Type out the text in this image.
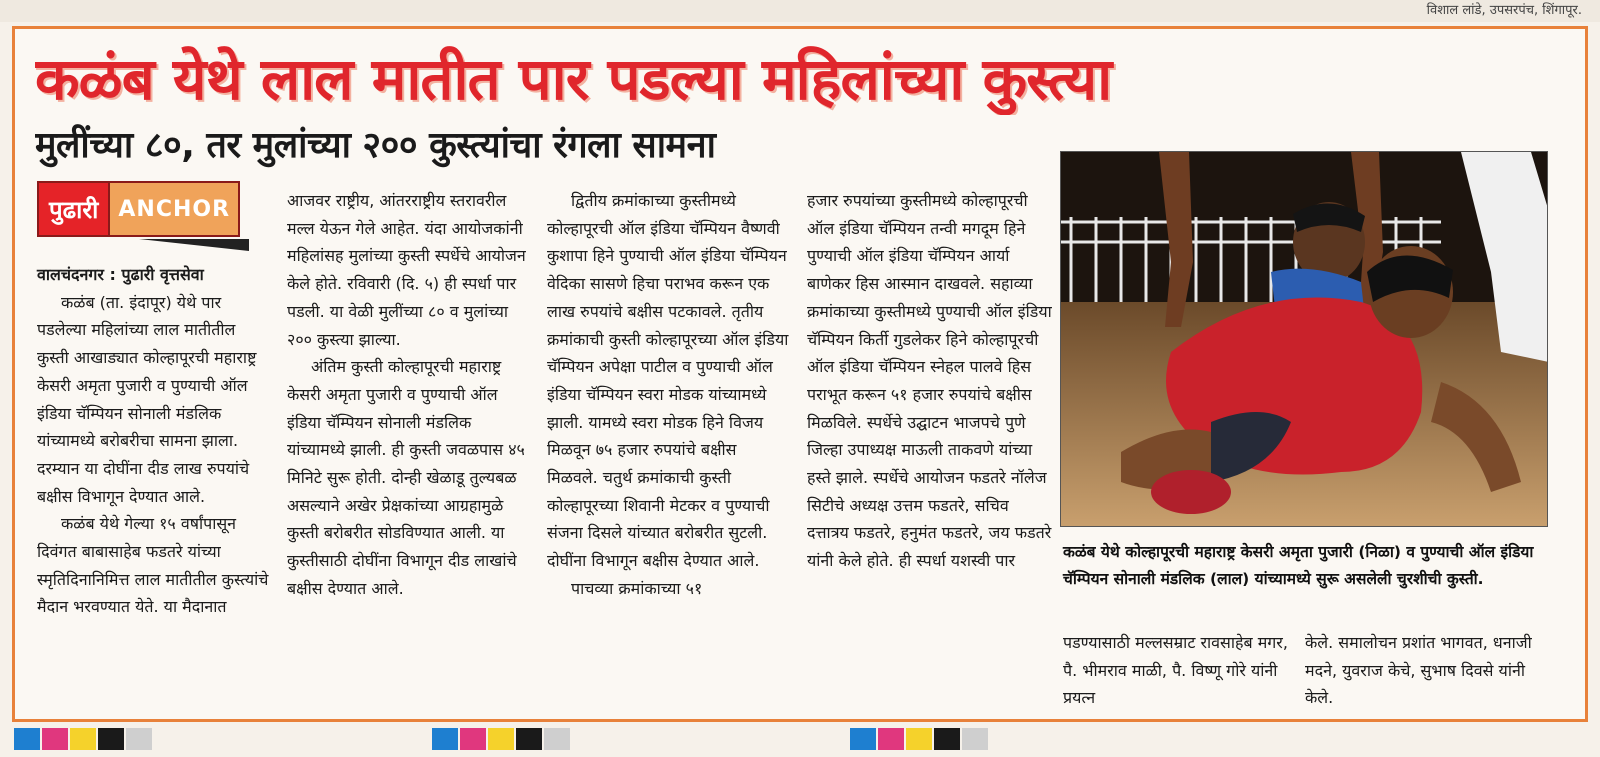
विशाल लांडे, उपसरपंच, शिंगापूर.
कळंब येथे लाल मातीत पार पडल्या महिलांच्या कुस्त्या
मुलींच्या ८०, तर मुलांच्या २०० कुस्त्यांचा रंगला सामना
पुढारी ANCHOR

वालचंदनगर : पुढारी वृत्तसेवा

कळंब (ता. इंदापूर) येथे पार पडलेल्या महिलांच्या लाल मातीतील कुस्ती आखाड्यात कोल्हापूरची महाराष्ट्र केसरी अमृता पुजारी व पुण्याची ऑल इंडिया चॅम्पियन सोनाली मंडलिक यांच्यामध्ये बरोबरीचा सामना झाला. दरम्यान या दोघींना दीड लाख रुपयांचे बक्षीस विभागून देण्यात आले.

कळंब येथे गेल्या १५ वर्षांपासून दिवंगत बाबासाहेब फडतरे यांच्या स्मृतिदिनानिमित्त लाल मातीतील कुस्त्यांचे मैदान भरवण्यात येते. या मैदानात

आजवर राष्ट्रीय, आंतरराष्ट्रीय स्तरावरील मल्ल येऊन गेले आहेत. यंदा आयोजकांनी महिलांसह मुलांच्या कुस्ती स्पर्धेचे आयोजन केले होते. रविवारी (दि. ५) ही स्पर्धा पार पडली. या वेळी मुलींच्या ८० व मुलांच्या २०० कुस्त्या झाल्या.

अंतिम कुस्ती कोल्हापूरची महाराष्ट्र केसरी अमृता पुजारी व पुण्याची ऑल इंडिया चॅम्पियन सोनाली मंडलिक यांच्यामध्ये झाली. ही कुस्ती जवळपास ४५ मिनिटे सुरू होती. दोन्ही खेळाडू तुल्यबळ असल्याने अखेर प्रेक्षकांच्या आग्रहामुळे कुस्ती बरोबरीत सोडविण्यात आली. या कुस्तीसाठी दोघींना विभागून दीड लाखांचे बक्षीस देण्यात आले.

द्वितीय क्रमांकाच्या कुस्तीमध्ये कोल्हापूरची ऑल इंडिया चॅम्पियन वैष्णवी कुशापा हिने पुण्याची ऑल इंडिया चॅम्पियन वेदिका सासणे हिचा पराभव करून एक लाख रुपयांचे बक्षीस पटकावले. तृतीय क्रमांकाची कुस्ती कोल्हापूरच्या ऑल इंडिया चॅम्पियन अपेक्षा पाटील व पुण्याची ऑल इंडिया चॅम्पियन स्वरा मोडक यांच्यामध्ये झाली. यामध्ये स्वरा मोडक हिने विजय मिळवून ७५ हजार रुपयांचे बक्षीस मिळवले. चतुर्थ क्रमांकाची कुस्ती कोल्हापूरच्या शिवानी मेटकर व पुण्याची संजना दिसले यांच्यात बरोबरीत सुटली. दोघींना विभागून बक्षीस देण्यात आले.

पाचव्या क्रमांकाच्या ५१

हजार रुपयांच्या कुस्तीमध्ये कोल्हापूरची ऑल इंडिया चॅम्पियन तन्वी मगदूम हिने पुण्याची ऑल इंडिया चॅम्पियन आर्या बाणेकर हिस आस्मान दाखवले. सहाव्या क्रमांकाच्या कुस्तीमध्ये पुण्याची ऑल इंडिया चॅम्पियन किर्ती गुडलेकर हिने कोल्हापूरची ऑल इंडिया चॅम्पियन स्नेहल पालवे हिस पराभूत करून ५१ हजार रुपयांचे बक्षीस मिळविले. स्पर्धेचे उद्घाटन भाजपचे पुणे जिल्हा उपाध्यक्ष माऊली ताकवणे यांच्या हस्ते झाले. स्पर्धेचे आयोजन फडतरे नॉलेज सिटीचे अध्यक्ष उत्तम फडतरे, सचिव दत्तात्रय फडतरे, हनुमंत फडतरे, जय फडतरे यांनी केले होते. ही स्पर्धा यशस्वी पार	कळंब येथे कोल्हापूरची महाराष्ट्र केसरी अमृता पुजारी (निळा) व पुण्याची ऑल इंडिया चॅम्पियन सोनाली मंडलिक (लाल) यांच्यामध्ये सुरू असलेली चुरशीची कुस्ती.

पडण्यासाठी मल्लसम्राट रावसाहेब मगर, पै. भीमराव माळी, पै. विष्णू गोरे यांनी प्रयत्न

केले. समालोचन प्रशांत भागवत, धनाजी मदने, युवराज केचे, सुभाष दिवसे यांनी केले.
